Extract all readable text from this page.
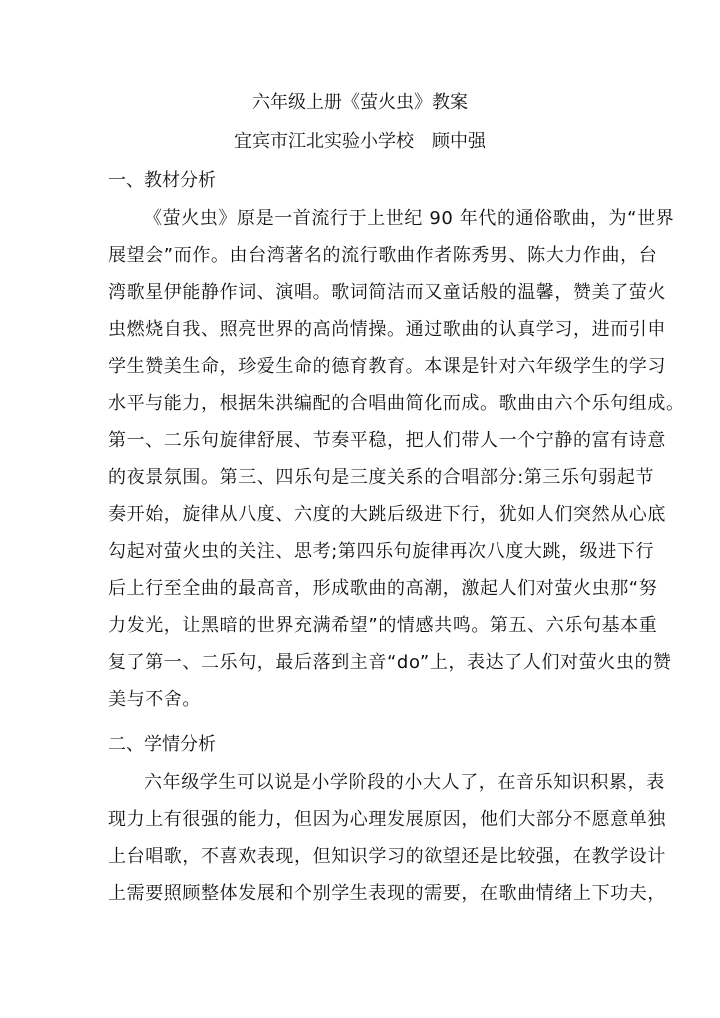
六年级上册《萤火虫》教案
宜宾市江北实验小学校　顾中强
一、教材分析
《萤火虫》原是一首流行于上世纪 90 年代的通俗歌曲，为“世界
展望会”而作。由台湾著名的流行歌曲作者陈秀男、陈大力作曲，台
湾歌星伊能静作词、演唱。歌词简洁而又童话般的温馨，赞美了萤火
虫燃烧自我、照亮世界的高尚情操。通过歌曲的认真学习，进而引申
学生赞美生命，珍爱生命的德育教育。本课是针对六年级学生的学习
水平与能力，根据朱洪编配的合唱曲简化而成。歌曲由六个乐句组成。
第一、二乐句旋律舒展、节奏平稳，把人们带人一个宁静的富有诗意
的夜景氛围。第三、四乐句是三度关系的合唱部分:第三乐句弱起节
奏开始，旋律从八度、六度的大跳后级进下行，犹如人们突然从心底
勾起对萤火虫的关注、思考;第四乐句旋律再次八度大跳，级进下行
后上行至全曲的最高音，形成歌曲的高潮，激起人们对萤火虫那“努
力发光，让黑暗的世界充满希望”的情感共鸣。第五、六乐句基本重
复了第一、二乐句，最后落到主音“do”上，表达了人们对萤火虫的赞
美与不舍。
二、学情分析
六年级学生可以说是小学阶段的小大人了，在音乐知识积累，表
现力上有很强的能力，但因为心理发展原因，他们大部分不愿意单独
上台唱歌，不喜欢表现，但知识学习的欲望还是比较强，在教学设计
上需要照顾整体发展和个别学生表现的需要，在歌曲情绪上下功夫，
